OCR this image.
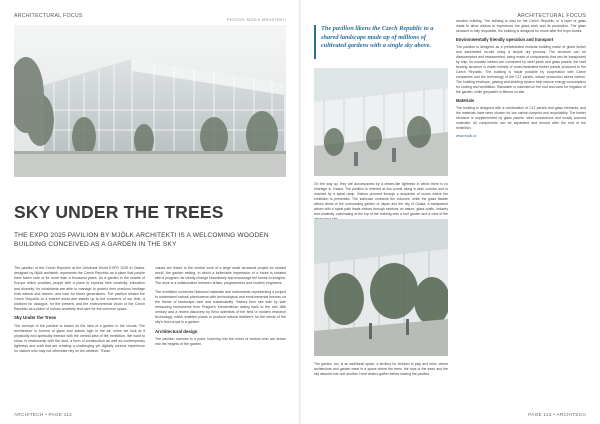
ARCHITECTURAL FOCUS
PHOTOS: MJOLK ARCHITEKTI
SKY UNDER THE TREES
THE EXPO 2025 PAVILION BY MJÖLK ARCHITEKTI IS A WELCOMING WOODEN BUILDING CONCEIVED AS A GARDEN IN THE SKY

The pavilion of the Czech Republic at the Universal World EXPO 2025 in Osaka, designed by Mjölk architekti, represents the Czech Republic as a place that people have taken care of for more than a thousand years. As a garden in the middle of Europe which provides people with a place to express their creativity, education and diversity. Its inhabitants are able to manage to protect their precious heritage both natural and historic, and care for future generations. The pavilion relates the Czech Republic to a shared world and stands up to the concerns of our time, a platform for dialogue, for the present, and the environmental vision of the Czech Republic as a place of human creativity and care for the common space.

Sky Under the Trees

The concept of the pavilion is based on the idea of a garden in the clouds. The architecture is formed of glass and stands high in the air, when we look at it physically and spiritually interact with the central idea of the exhibition. We want to show, in relationship with the land, a form of construction as well as contemporary lightness and craft that are creating a challenging yet digitally curious experience for visitors who may not otherwise rely on the weather. Those

values are linked to the central work of a large scale structural project for shared world, the garden setting, in which a believable impression of a future is created with a program, as clearly change seamlessly and encourage the sense to imagine. The work is a collaboration between artists, programmers and modern engineers.

The exhibition combines historical materials and instruments representing a project to understand natural phenomena with technological and environmental themes on the theme of landscape care and sustainability. Visitors then see side by side measuring instruments from Prague's Klementinum dating back to the mid 18th century and a recent discovery by Brno scientists of the field of modern research technology, which enables plants to produce natural fertilizers for the whole of the city's food crops in a garden.

Architectural design

The pavilion narrows to a point, lowering into the tower of visitors who are drawn into the heights of the garden.

ARCHITECH • PAGE 112
ARCHITECTURAL FOCUS
The pavilion likens the Czech Republic to a shared landscape made up of millions of cultivated gardens with a single sky above.
On the way up, they are accompanied by a dream-like lightness in which there is no shortage in Osaka. The pavilion is entered at two points along a wide corridor and is reached by a spiral ramp. Visitors proceed through a sequence of rooms where the exhibition is presented. The staircase connects the volumes, while the glass facade allows views of the surrounding garden of Japan and the city of Osaka. A transparent atrium with a spiral path leads visitors through sections on nature, glass crafts, industry and creativity, culminating at the top of the building with a roof garden and a view of the
The garden, too, is an additional space, a territory for children to play and relax, where architecture and garden meet in a space where the trees, the tops of the trees and the sky dissolve into one another. Here visitors gather before leaving the pavilion.

wooden building. The building is clad for the Czech Republic, in a layer of glass made to allow visitors to experience the glass work and its production. The glass structure is fully recyclable, the building is designed for reuse after the expo closes.

Environmentally friendly operation and transport

The pavilion is designed as a prefabricated modular building made of glued timber and assembled on-site using a simple dry process. The structure can be disassembled and reassembled, being made of components that can be transported by ship. Its wooden beams are connected by steel joints and glass panels; the load bearing structure is made entirely of cross-laminated timber panels produced in the Czech Republic. The building is made possible by cooperation with Czech companies and the technology of the CLT panels, whose production stores carbon. The building envelope, glazing and shading system help reduce energy consumption for cooling and ventilation. Rainwater is collected on the roof and used for irrigation of the garden, while greywater is filtered on-site.

Materials

The building is designed with a combination of CLT panels and glass elements, and the materials have been chosen for low carbon footprint and recyclability. The timber structure is supplemented by glass panels, steel connections and locally sourced materials. All components can be separated and reused after the end of the exhibition.

www.mjolk.cz

PAGE 113 • ARCHITECH
